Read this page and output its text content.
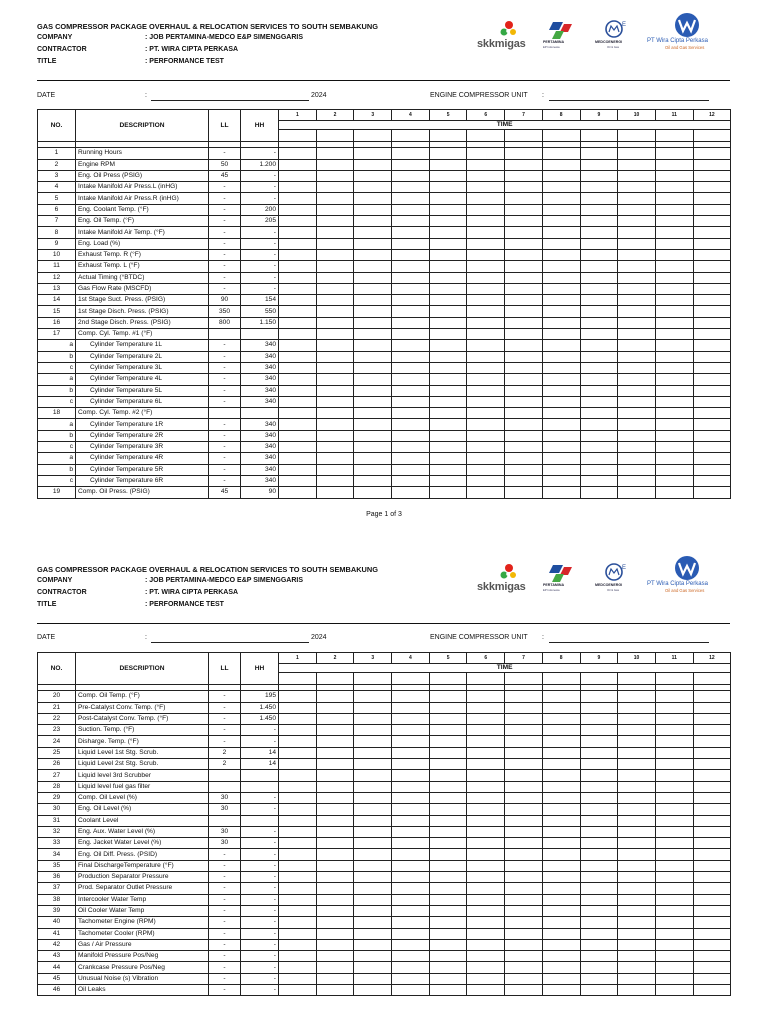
GAS COMPRESSOR PACKAGE OVERHAUL & RELOCATION SERVICES TO SOUTH SEMBAKUNG
COMPANY	: JOB PERTAMINA-MEDCO E&P SIMENGGARIS
CONTRACTOR	: PT. WIRA CIPTA PERKASA
TITLE	: PERFORMANCE TEST
skkmigas	PERTAMINA
EP Indonesia
E
MEDCOENERGI
Oil & Gas
PT Wira Cipta Perkasa
Oil and Gas Services
DATE	:	2024	ENGINE COMPRESSOR UNIT :
NO.	DESCRIPTION	LL	HH	1	2	3	4	5	6	7	8	9	10	11	12
				TIME											

1	Running Hours	-	-												
2	Engine RPM	50	1.200												
3	Eng. Oil Press (PSIG)	45	-												
4	Intake Manifold Air Press.L (inHG)	-	-												
5	Intake Manifold Air Press.R (inHG)	-	-												
6	Eng. Coolant Temp. (°F)	-	200												
7	Eng. Oil Temp. (°F)	-	205												
8	Intake Manifold Air Temp. (°F)	-	-												
9	Eng. Load (%)	-	-												
10	Exhaust Temp. R (°F)	-	-												
11	Exhaust Temp. L (°F)	-	-												
12	Actual Timing (°BTDC)	-	-												
13	Gas Flow Rate (MSCFD)	-	-												
14	1st Stage Suct. Press. (PSIG)	90	154												
15	1st Stage Disch. Press. (PSIG)	350	550												
16	2nd Stage Disch. Press. (PSIG)	800	1.150												
17	Comp. Cyl. Temp. #1 (°F)														
a	Cylinder Temperature 1L	-	340												
b	Cylinder Temperature 2L	-	340												
c	Cylinder Temperature 3L	-	340												
a	Cylinder Temperature 4L	-	340												
b	Cylinder Temperature 5L	-	340												
c	Cylinder Temperature 6L	-	340												
18	Comp. Cyl. Temp. #2 (°F)														
a	Cylinder Temperature 1R	-	340												
b	Cylinder Temperature 2R	-	340												
c	Cylinder Temperature 3R	-	340												
a	Cylinder Temperature 4R	-	340												
b	Cylinder Temperature 5R	-	340												
c	Cylinder Temperature 6R	-	340												
19	Comp. Oil Press. (PSIG)	45	90												
Page 1 of 3
GAS COMPRESSOR PACKAGE OVERHAUL & RELOCATION SERVICES TO SOUTH SEMBAKUNG
COMPANY	: JOB PERTAMINA-MEDCO E&P SIMENGGARIS
CONTRACTOR	: PT. WIRA CIPTA PERKASA
TITLE	: PERFORMANCE TEST
skkmigas	PERTAMINA
EP Indonesia
E
MEDCOENERGI
Oil & Gas
PT Wira Cipta Perkasa
Oil and Gas Services
DATE	:	2024	ENGINE COMPRESSOR UNIT :
NO.	DESCRIPTION	LL	HH	1	2	3	4	5	6	7	8	9	10	11	12
				TIME											

20	Comp. Oil Temp. (°F)	-	195												
21	Pre-Catalyst Conv. Temp. (°F)	-	1.450												
22	Post-Catalyst Conv. Temp. (°F)	-	1.450												
23	Suction. Temp. (°F)	-	-												
24	Disharge. Temp. (°F)	-	-												
25	Liquid Level 1st Stg. Scrub.	2	14												
26	Liquid Level 2st Stg. Scrub.	2	14												
27	Liquid level 3rd Scrubber														
28	Liquid level fuel gas filter														
29	Comp. Oil Level (%)	30	-												
30	Eng. Oil Level (%)	30	-												
31	Coolant Level														
32	Eng. Aux. Water Level (%)	30	-												
33	Eng. Jacket Water Level (%)	30	-												
34	Eng. Oil Diff. Press. (PSID)	-	-												
35	Final DischargeTemperature (°F)	-	-												
36	Production Separator Pressure	-	-												
37	Prod. Separator Outlet Pressure	-	-												
38	Intercooler Water Temp	-	-												
39	Oil Cooler Water Temp	-	-												
40	Tachometer Engine (RPM)	-	-												
41	Tachometer Cooler (RPM)	-	-												
42	Gas / Air Pressure	-	-												
43	Manifold Pressure Pos/Neg	-	-												
44	Crankcase Pressure Pos/Neg	-	-												
45	Unusual Noise (s) Vibration	-	-												
46	Oil Leaks	-	-												
